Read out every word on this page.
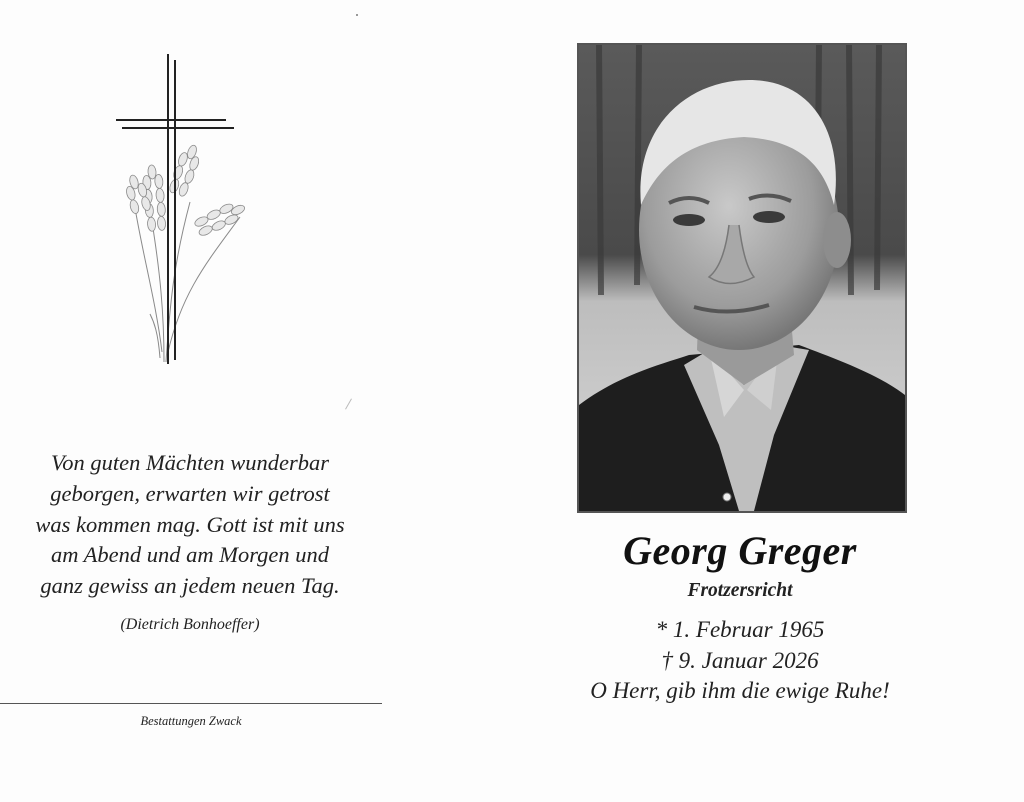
Von guten Mächten wunderbar
geborgen, erwarten wir getrost
was kommen mag. Gott ist mit uns
am Abend und am Morgen und
ganz gewiss an jedem neuen Tag.
(Dietrich Bonhoeffer)
Bestattungen Zwack
Georg Greger
Frotzersricht
* 1. Februar 1965
† 9. Januar 2026
O Herr, gib ihm die ewige Ruhe!
